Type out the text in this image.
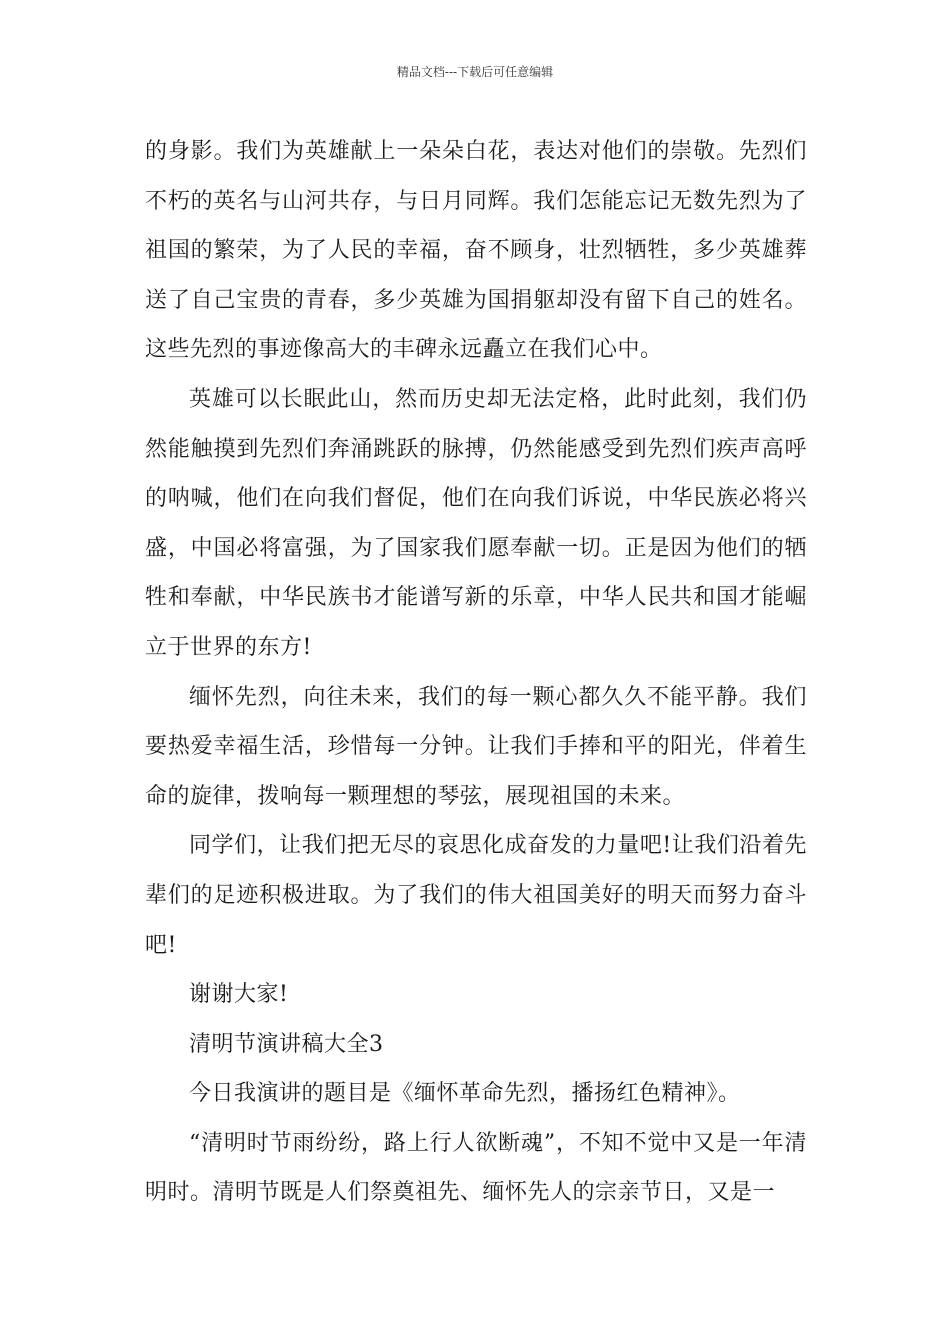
精品文档---下载后可任意编辑

的身影。我们为英雄献上一朵朵白花，表达对他们的崇敬。先烈们不朽的英名与山河共存，与日月同辉。我们怎能忘记无数先烈为了祖国的繁荣，为了人民的幸福，奋不顾身，壮烈牺牲，多少英雄葬送了自己宝贵的青春，多少英雄为国捐躯却没有留下自己的姓名。这些先烈的事迹像高大的丰碑永远矗立在我们心中。

英雄可以长眠此山，然而历史却无法定格，此时此刻，我们仍然能触摸到先烈们奔涌跳跃的脉搏，仍然能感受到先烈们疾声高呼的呐喊，他们在向我们督促，他们在向我们诉说，中华民族必将兴盛，中国必将富强，为了国家我们愿奉献一切。正是因为他们的牺牲和奉献，中华民族书才能谱写新的乐章，中华人民共和国才能崛立于世界的东方!

缅怀先烈，向往未来，我们的每一颗心都久久不能平静。我们要热爱幸福生活，珍惜每一分钟。让我们手捧和平的阳光，伴着生命的旋律，拨响每一颗理想的琴弦，展现祖国的未来。

同学们，让我们把无尽的哀思化成奋发的力量吧!让我们沿着先辈们的足迹积极进取。为了我们的伟大祖国美好的明天而努力奋斗吧!

谢谢大家!

清明节演讲稿大全3

今日我演讲的题目是《缅怀革命先烈，播扬红色精神》。

“清明时节雨纷纷，路上行人欲断魂”，不知不觉中又是一年清明时。清明节既是人们祭奠祖先、缅怀先人的宗亲节日，又是一
